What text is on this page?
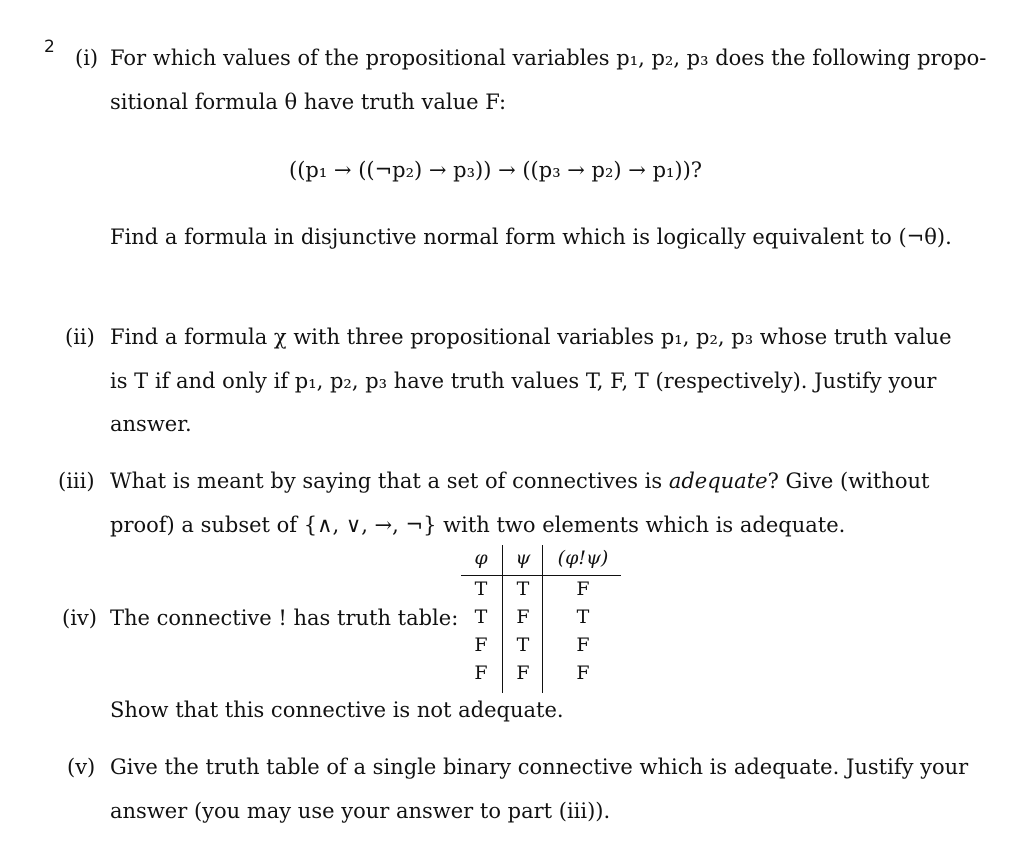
2 (i) For which values of the propositional variables p₁, p₂, p₃ does the following propo-
sitional formula θ have truth value F:
((p₁ → ((¬p₂) → p₃)) → ((p₃ → p₂) → p₁))?
Find a formula in disjunctive normal form which is logically equivalent to (¬θ).
(ii) Find a formula χ with three propositional variables p₁, p₂, p₃ whose truth value
is T if and only if p₁, p₂, p₃ have truth values T, F, T (respectively). Justify your
answer.
(iii) What is meant by saying that a set of connectives is adequate? Give (without
proof) a subset of {∧, ∨, →, ¬} with two elements which is adequate.
(iv) The connective ! has truth table:
φ	ψ	(φ!ψ)
T	T	F
T	F	T
F	T	F
F	F	F
Show that this connective is not adequate.
(v) Give the truth table of a single binary connective which is adequate. Justify your
answer (you may use your answer to part (iii)).
